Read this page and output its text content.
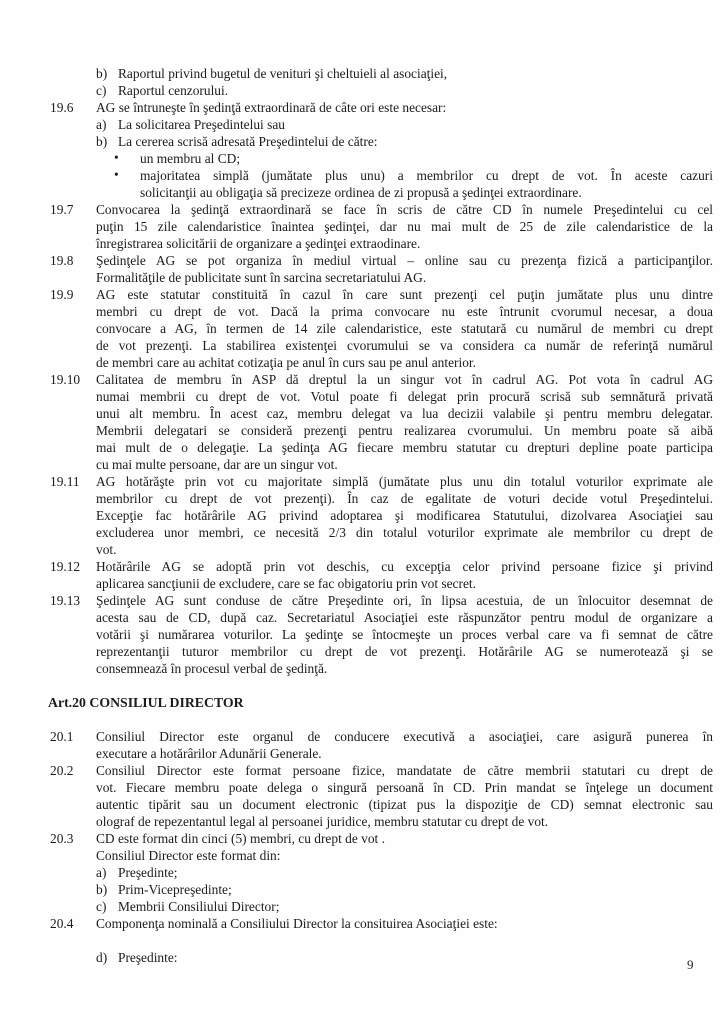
b) Raportul privind bugetul de venituri şi cheltuieli al asociaţiei,
c) Raportul cenzorului.
19.6	AG se întruneşte în şedinţă extraordinară de câte ori este necesar:
a) La solicitarea Preşedintelui sau
b) La cererea scrisă adresată Preşedintelui de către:
• un membru al CD;
• majoritatea simplă (jumătate plus unu) a membrilor cu drept de vot. În aceste cazuri
solicitanţii au obligaţia să precizeze ordinea de zi propusă a şedinţei extraordinare.
19.7	Convocarea la şedinţă extraordinară se face în scris de către CD în numele Preşedintelui cu cel
puţin 15 zile calendaristice înaintea şedinţei, dar nu mai mult de 25 de zile calendaristice de la
înregistrarea solicitării de organizare a şedinţei extraodinare.
19.8	Şedinţele AG se pot organiza în mediul virtual – online sau cu prezenţa fizică a participanţilor.
Formalităţile de publicitate sunt în sarcina secretariatului AG.
19.9	AG este statutar constituită în cazul în care sunt prezenţi cel puţin jumătate plus unu dintre
membri cu drept de vot. Dacă la prima convocare nu este întrunit cvorumul necesar, a doua
convocare a AG, în termen de 14 zile calendaristice, este statutară cu numărul de membri cu drept
de vot prezenţi. La stabilirea existenţei cvorumului se va considera ca număr de referinţă numărul
de membri care au achitat cotizaţia pe anul în curs sau pe anul anterior.
19.10	Calitatea de membru în ASP dă dreptul la un singur vot în cadrul AG. Pot vota în cadrul AG
numai membrii cu drept de vot. Votul poate fi delegat prin procură scrisă sub semnătură privată
unui alt membru. În acest caz, membru delegat va lua decizii valabile şi pentru membru delegatar.
Membrii delegatari se consideră prezenţi pentru realizarea cvorumului. Un membru poate să aibă
mai mult de o delegaţie. La şedinţa AG fiecare membru statutar cu drepturi depline poate participa
cu mai multe persoane, dar are un singur vot.
19.11	AG hotărăşte prin vot cu majoritate simplă (jumătate plus unu din totalul voturilor exprimate ale
membrilor cu drept de vot prezenţi). În caz de egalitate de voturi decide votul Preşedintelui.
Excepţie fac hotărârile AG privind adoptarea şi modificarea Statutului, dizolvarea Asociaţiei sau
excluderea unor membri, ce necesită 2/3 din totalul voturilor exprimate ale membrilor cu drept de
vot.
19.12	Hotărârile AG se adoptă prin vot deschis, cu excepţia celor privind persoane fizice şi privind
aplicarea sancţiunii de excludere, care se fac obigatoriu prin vot secret.
19.13	Şedinţele AG sunt conduse de către Preşedinte ori, în lipsa acestuia, de un înlocuitor desemnat de
acesta sau de CD, după caz. Secretariatul Asociaţiei este răspunzător pentru modul de organizare a
votării şi numărarea voturilor. La şedinţe se întocmeşte un proces verbal care va fi semnat de către
reprezentanţii tuturor membrilor cu drept de vot prezenţi. Hotărârile AG se numerotează şi se
consemnează în procesul verbal de şedinţă.
Art.20 CONSILIUL DIRECTOR
20.1	Consiliul Director este organul de conducere executivă a asociaţiei, care asigură punerea în
executare a hotărârilor Adunării Generale.
20.2	Consiliul Director este format persoane fizice, mandatate de către membrii statutari cu drept de
vot. Fiecare membru poate delega o singură persoană în CD. Prin mandat se înţelege un document
autentic tipărit sau un document electronic (tipizat pus la dispoziţie de CD) semnat electronic sau
olograf de repezentantul legal al persoanei juridice, membru statutar cu drept de vot.
20.3	CD este format din cinci (5) membri, cu drept de vot .
Consiliul Director este format din:
a) Preşedinte;
b) Prim-Vicepreşedinte;
c) Membrii Consiliului Director;
20.4	Componenţa nominală a Consiliului Director la consituirea Asociaţiei este:
d) Preşedinte:	9
